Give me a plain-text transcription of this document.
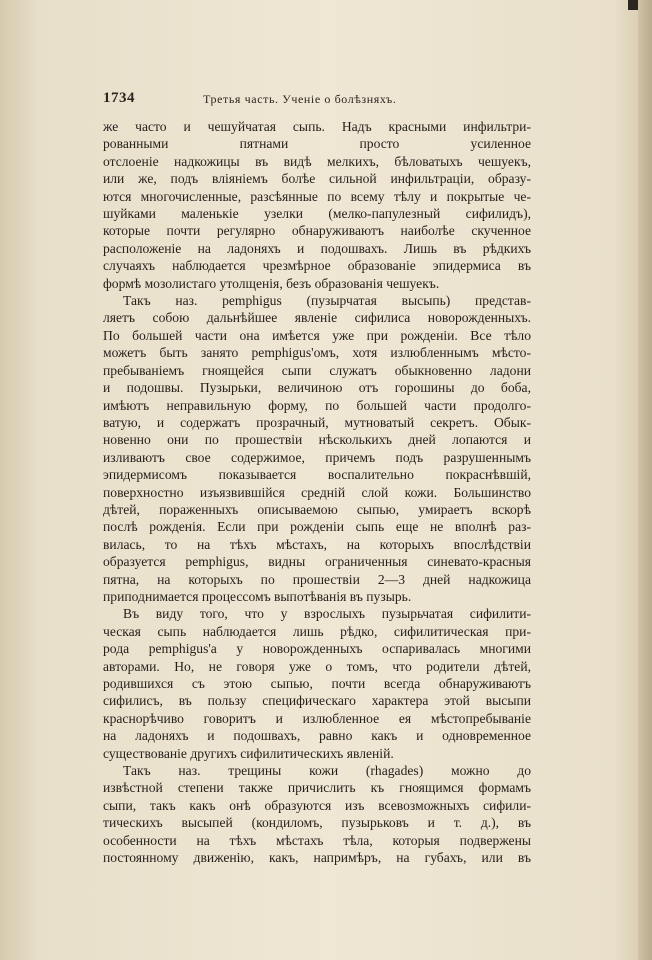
1734	Третья часть. Ученіе о болѣзняхъ.
же часто и чешуйчатая сыпь. Надъ красными инфильтри-
рованными пятнами просто усиленное
отслоеніе надкожицы въ видѣ мелкихъ, бѣловатыхъ чешуекъ,
или же, подъ вліяніемъ болѣе сильной инфильтраціи, образу-
ются многочисленные, разсѣянные по всему тѣлу и покрытые че-
шуйками маленькіе узелки (мелко-папулезный сифилидъ),
которые почти регулярно обнаруживаютъ наиболѣе скученное
расположеніе на ладоняхъ и подошвахъ. Лишь въ рѣдкихъ
случаяхъ наблюдается чрезмѣрное образованіе эпидермиса въ
формѣ мозолистаго утолщенія, безъ образованія чешуекъ.
Такъ наз. pemphigus (пузырчатая высыпь) представ-
ляетъ собою дальнѣйшее явленіе сифилиса новорожденныхъ.
По большей части она имѣется уже при рожденіи. Все тѣло
можетъ быть занято pemphigus'омъ, хотя излюбленнымъ мѣсто-
пребываніемъ гноящейся сыпи служатъ обыкновенно ладони
и подошвы. Пузырьки, величиною отъ горошины до боба,
имѣютъ неправильную форму, по большей части продолго-
ватую, и содержатъ прозрачный, мутноватый секретъ. Обык-
новенно они по прошествіи нѣсколькихъ дней лопаются и
изливаютъ свое содержимое, причемъ подъ разрушеннымъ
эпидермисомъ показывается воспалительно покраснѣвшій,
поверхностно изъязвившійся средній слой кожи. Большинство
дѣтей, пораженныхъ описываемою сыпью, умираетъ вскорѣ
послѣ рожденія. Если при рожденіи сыпь еще не вполнѣ раз-
вилась, то на тѣхъ мѣстахъ, на которыхъ впослѣдствіи
образуется pemphigus, видны ограниченныя синевато-красныя
пятна, на которыхъ по прошествіи 2—3 дней надкожица
приподнимается процессомъ выпотѣванія въ пузырь.
Въ виду того, что у взрослыхъ пузырьчатая сифилити-
ческая сыпь наблюдается лишь рѣдко, сифилитическая при-
рода pemphigus'а у новорожденныхъ оспаривалась многими
авторами. Но, не говоря уже о томъ, что родители дѣтей,
родившихся съ этою сыпью, почти всегда обнаруживаютъ
сифилисъ, въ пользу специфическаго характера этой высыпи
краснорѣчиво говоритъ и излюбленное ея мѣстопребываніе
на ладоняхъ и подошвахъ, равно какъ и одновременное
существованіе другихъ сифилитическихъ явленій.
Такъ наз. трещины кожи (rhagades) можно до
извѣстной степени также причислить къ гноящимся формамъ
сыпи, такъ какъ онѣ образуются изъ всевозможныхъ сифили-
тическихъ высыпей (кондиломъ, пузырьковъ и т. д.), въ
особенности на тѣхъ мѣстахъ тѣла, которыя подвержены
постоянному движенію, какъ, напримѣръ, на губахъ, или въ
